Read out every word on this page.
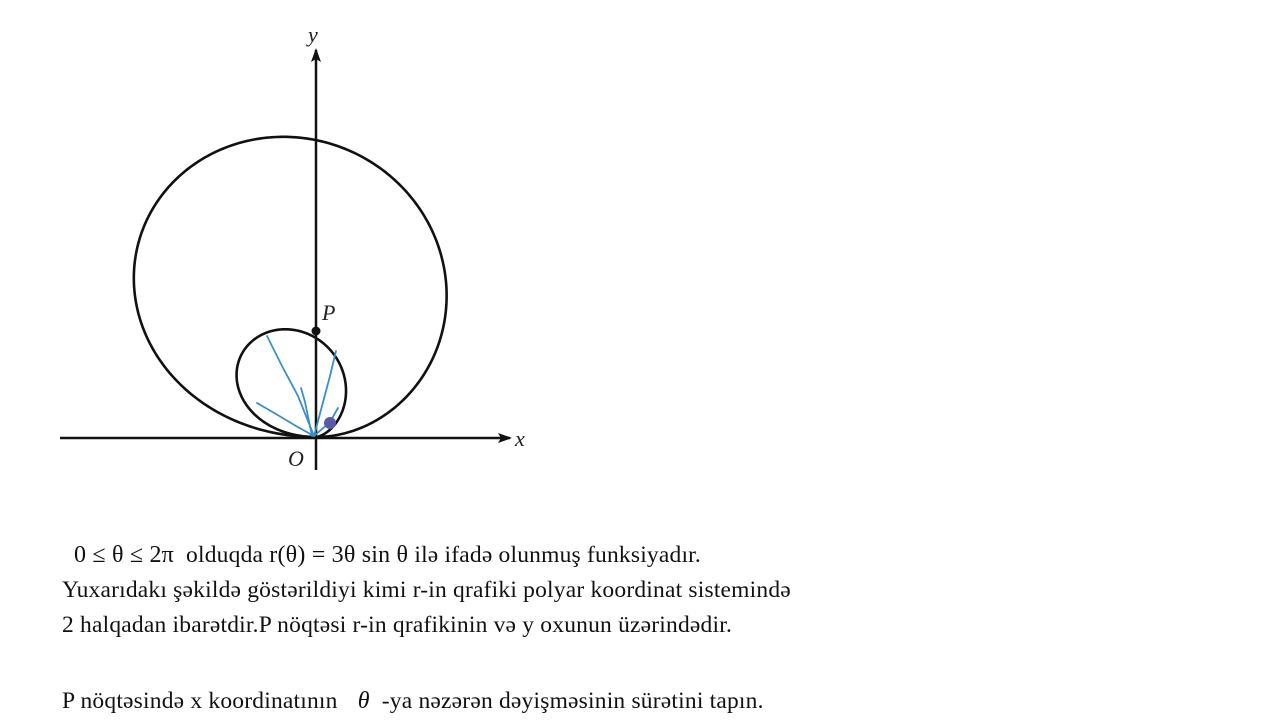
P
y
x
O
0 ≤ θ ≤ 2π olduqda r(θ) = 3θ sin θ ilə ifadə olunmuş funksiyadır.
Yuxarıdakı şəkildə göstərildiyi kimi r-in qrafiki polyar koordinat sistemində
2 halqadan ibarətdir.P nöqtəsi r-in qrafikinin və y oxunun üzərindədir.
P nöqtəsində x koordinatının θ -ya nəzərən dəyişməsinin sürətini tapın.
